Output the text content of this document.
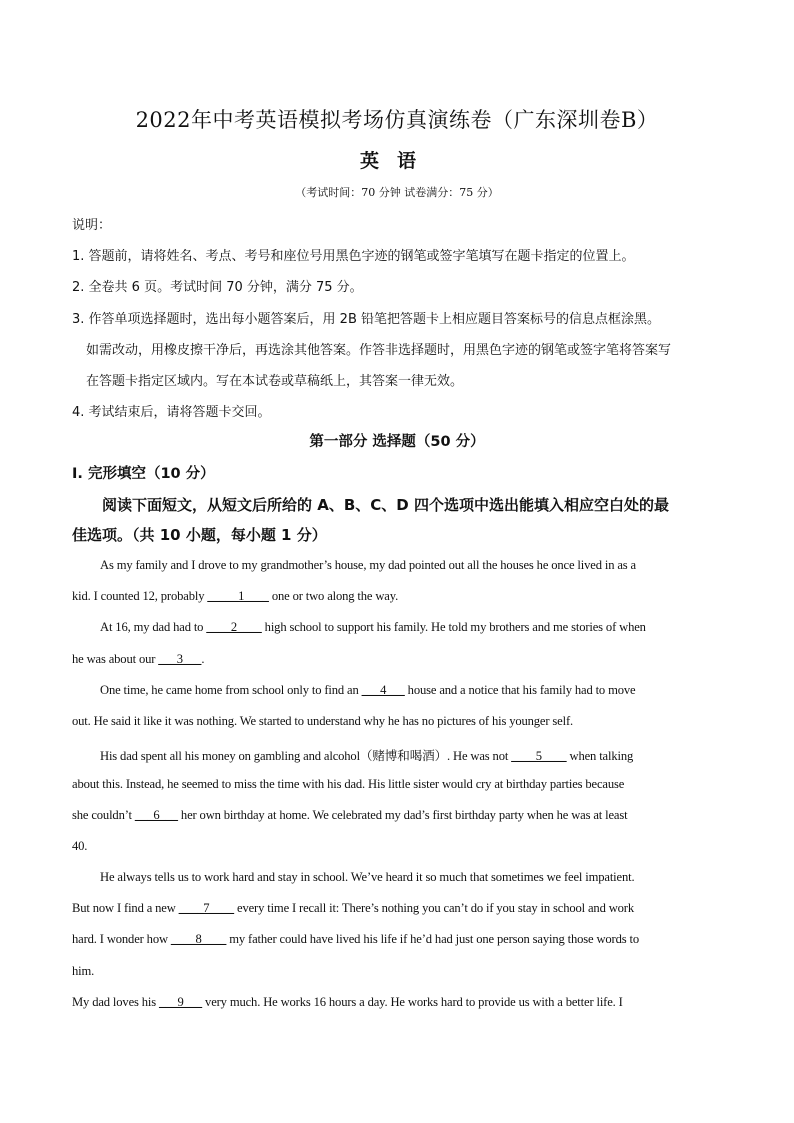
2022年中考英语模拟考场仿真演练卷（广东深圳卷B）
英语
（考试时间：70 分钟 试卷满分：75 分）
说明：
1. 答题前，请将姓名、考点、考号和座位号用黑色字迹的钢笔或签字笔填写在题卡指定的位置上。
2. 全卷共 6 页。考试时间 70 分钟，满分 75 分。
3. 作答单项选择题时，选出每小题答案后，用 2B 铅笔把答题卡上相应题目答案标号的信息点框涂黑。
如需改动，用橡皮擦干净后，再选涂其他答案。作答非选择题时，用黑色字迹的钢笔或签字笔将答案写
在答题卡指定区域内。写在本试卷或草稿纸上，其答案一律无效。
4. 考试结束后，请将答题卡交回。
第一部分 选择题（50 分）
I. 完形填空（10 分）
阅读下面短文，从短文后所给的 A、B、C、D 四个选项中选出能填入相应空白处的最
佳选项。（共 10 小题，每小题 1 分）
As my family and I drove to my grandmother’s house, my dad pointed out all the houses he once lived in as a
kid. I counted 12, probably _____1____ one or two along the way.
At 16, my dad had to ____2____ high school to support his family. He told my brothers and me stories of when
he was about our ___3___.
One time, he came home from school only to find an ___4___ house and a notice that his family had to move
out. He said it like it was nothing. We started to understand why he has no pictures of his younger self.
His dad spent all his money on gambling and alcohol（赌博和喝酒）. He was not ____5____ when talking
about this. Instead, he seemed to miss the time with his dad. His little sister would cry at birthday parties because
she couldn’t ___6___ her own birthday at home. We celebrated my dad’s first birthday party when he was at least
40.
He always tells us to work hard and stay in school. We’ve heard it so much that sometimes we feel impatient.
But now I find a new ____7____ every time I recall it: There’s nothing you can’t do if you stay in school and work
hard. I wonder how ____8____ my father could have lived his life if he’d had just one person saying those words to
him.
My dad loves his ___9___ very much. He works 16 hours a day. He works hard to provide us with a better life. I
